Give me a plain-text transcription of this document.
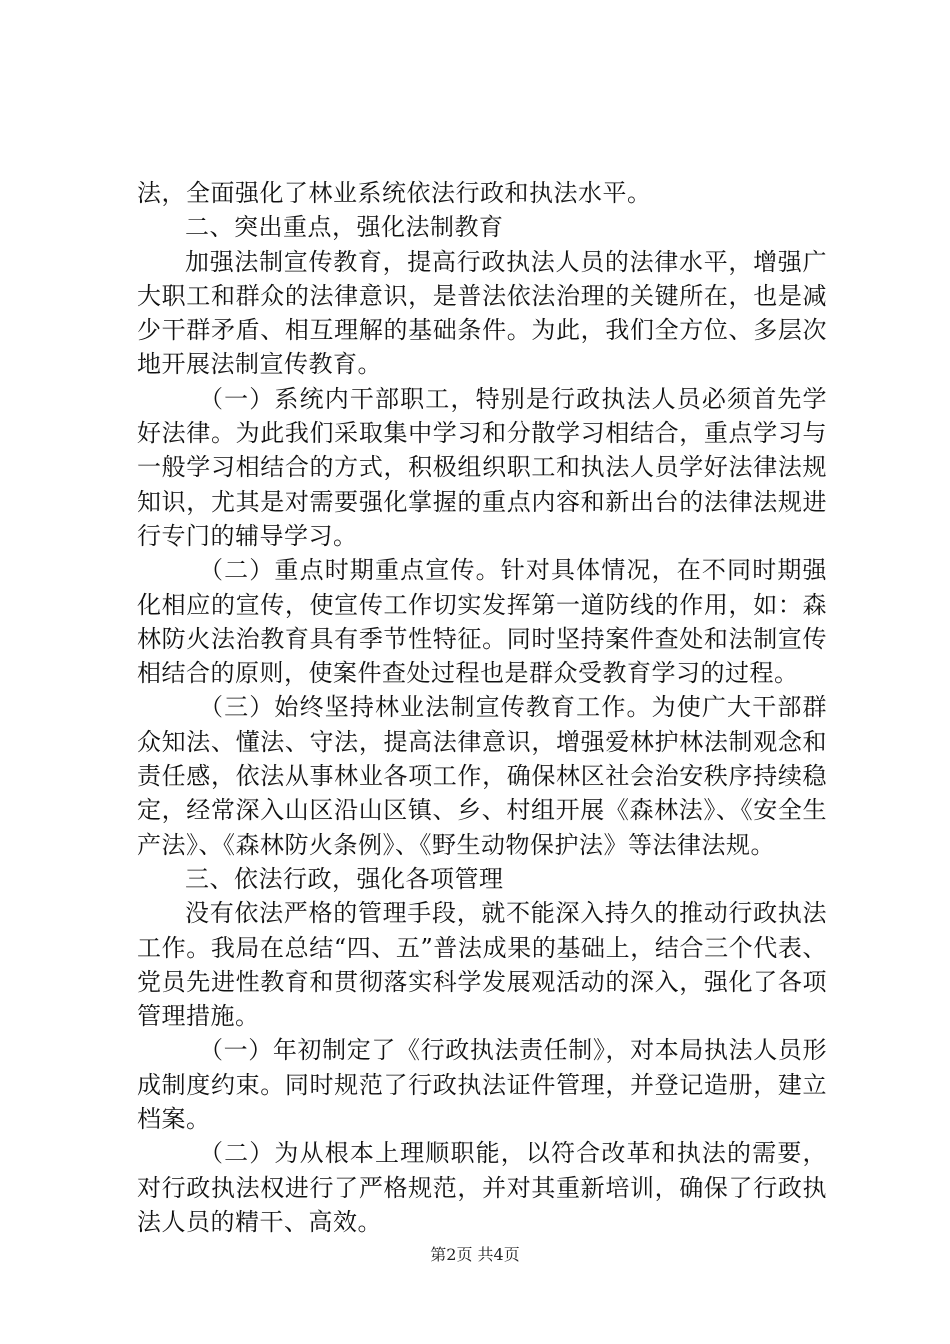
法，全面强化了林业系统依法行政和执法水平。

二、突出重点，强化法制教育

加强法制宣传教育，提高行政执法人员的法律水平，增强广大职工和群众的法律意识，是普法依法治理的关键所在，也是减少干群矛盾、相互理解的基础条件。为此，我们全方位、多层次地开展法制宣传教育。

（一）系统内干部职工，特别是行政执法人员必须首先学好法律。为此我们采取集中学习和分散学习相结合，重点学习与一般学习相结合的方式，积极组织职工和执法人员学好法律法规知识，尤其是对需要强化掌握的重点内容和新出台的法律法规进行专门的辅导学习。

（二）重点时期重点宣传。针对具体情况，在不同时期强化相应的宣传，使宣传工作切实发挥第一道防线的作用，如：森林防火法治教育具有季节性特征。同时坚持案件查处和法制宣传相结合的原则，使案件查处过程也是群众受教育学习的过程。

（三）始终坚持林业法制宣传教育工作。为使广大干部群众知法、懂法、守法，提高法律意识，增强爱林护林法制观念和责任感，依法从事林业各项工作，确保林区社会治安秩序持续稳定，经常深入山区沿山区镇、乡、村组开展《森林法》、《安全生产法》、《森林防火条例》、《野生动物保护法》等法律法规。

三、依法行政，强化各项管理

没有依法严格的管理手段，就不能深入持久的推动行政执法工作。我局在总结“四、五”普法成果的基础上，结合三个代表、党员先进性教育和贯彻落实科学发展观活动的深入，强化了各项管理措施。

（一）年初制定了《行政执法责任制》，对本局执法人员形成制度约束。同时规范了行政执法证件管理，并登记造册，建立档案。

（二）为从根本上理顺职能，以符合改革和执法的需要，对行政执法权进行了严格规范，并对其重新培训，确保了行政执法人员的精干、高效。

第2页 共4页
